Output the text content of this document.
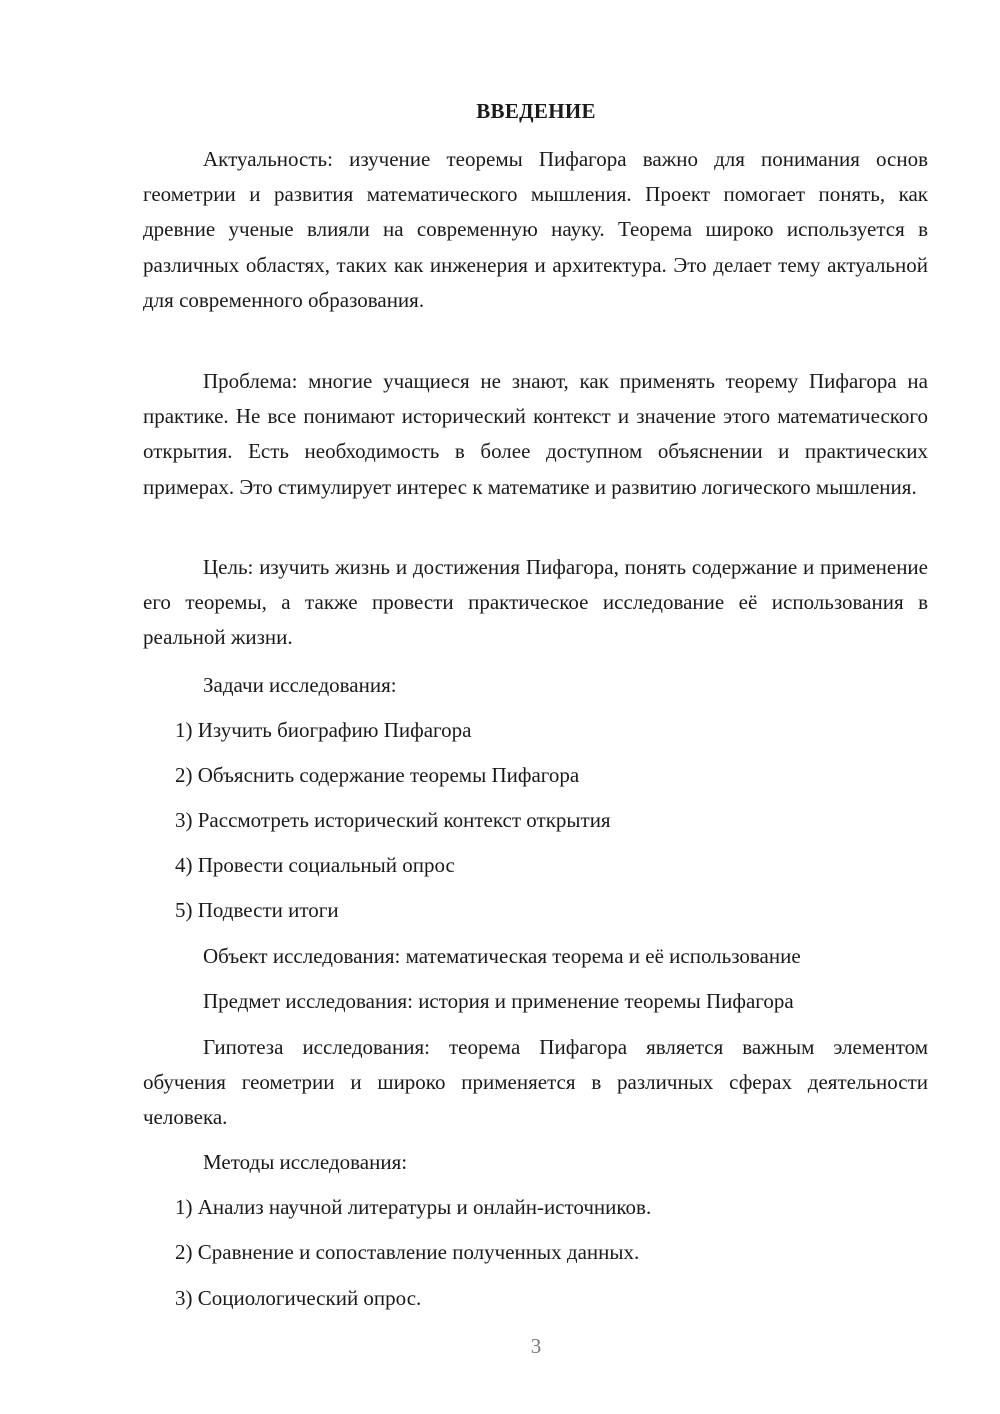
ВВЕДЕНИЕ

Актуальность: изучение теоремы Пифагора важно для понимания основ геометрии и развития математического мышления. Проект помогает понять, как древние ученые влияли на современную науку. Теорема широко используется в различных областях, таких как инженерия и архитектура. Это делает тему актуальной для современного образования.

Проблема: многие учащиеся не знают, как применять теорему Пифагора на практике. Не все понимают исторический контекст и значение этого математического открытия. Есть необходимость в более доступном объяснении и практических примерах. Это стимулирует интерес к математике и развитию логического мышления.

Цель: изучить жизнь и достижения Пифагора, понять содержание и применение его теоремы, а также провести практическое исследование её использования в реальной жизни.

Задачи исследования:
1) Изучить биографию Пифагора
2) Объяснить содержание теоремы Пифагора
3) Рассмотреть исторический контекст открытия
4) Провести социальный опрос
5) Подвести итоги
Объект исследования: математическая теорема и её использование
Предмет исследования: история и применение теоремы Пифагора

Гипотеза исследования: теорема Пифагора является важным элементом обучения геометрии и широко применяется в различных сферах деятельности человека.

Методы исследования:
1) Анализ научной литературы и онлайн-источников.
2) Сравнение и сопоставление полученных данных.
3) Социологический опрос.
3
